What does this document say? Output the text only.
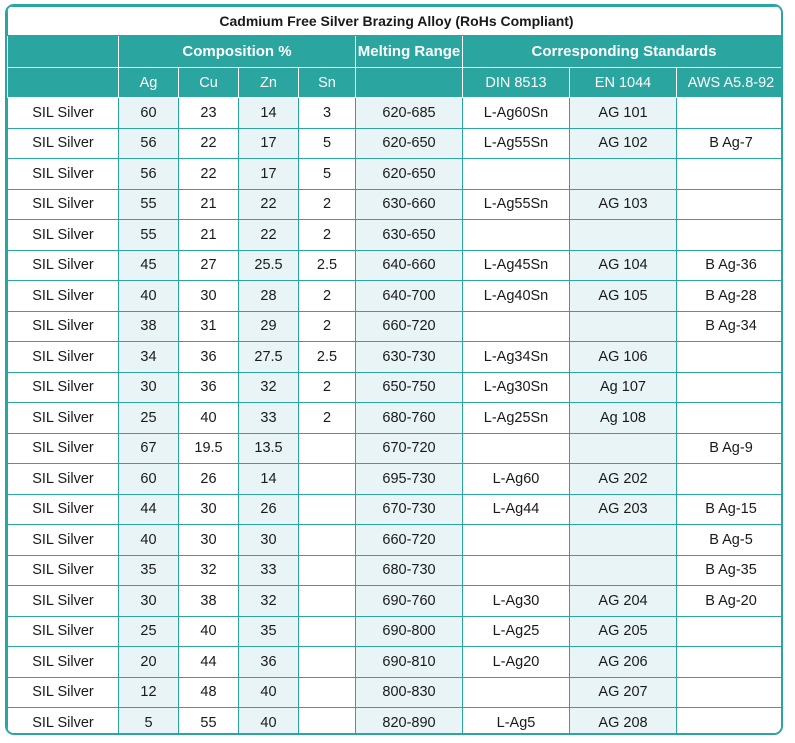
Cadmium Free Silver Brazing Alloy (RoHs Compliant)								
	Composition %				Melting Range	Corresponding Standards		
	Ag	Cu	Zn	Sn		DIN 8513	EN 1044	AWS A5.8-92
SIL Silver	60	23	14	3	620-685	L-Ag60Sn	AG 101	
SIL Silver	56	22	17	5	620-650	L-Ag55Sn	AG 102	B Ag-7
SIL Silver	56	22	17	5	620-650			
SIL Silver	55	21	22	2	630-660	L-Ag55Sn	AG 103	
SIL Silver	55	21	22	2	630-650			
SIL Silver	45	27	25.5	2.5	640-660	L-Ag45Sn	AG 104	B Ag-36
SIL Silver	40	30	28	2	640-700	L-Ag40Sn	AG 105	B Ag-28
SIL Silver	38	31	29	2	660-720			B Ag-34
SIL Silver	34	36	27.5	2.5	630-730	L-Ag34Sn	AG 106	
SIL Silver	30	36	32	2	650-750	L-Ag30Sn	Ag 107	
SIL Silver	25	40	33	2	680-760	L-Ag25Sn	Ag 108	
SIL Silver	67	19.5	13.5		670-720			B Ag-9
SIL Silver	60	26	14		695-730	L-Ag60	AG 202	
SIL Silver	44	30	26		670-730	L-Ag44	AG 203	B Ag-15
SIL Silver	40	30	30		660-720			B Ag-5
SIL Silver	35	32	33		680-730			B Ag-35
SIL Silver	30	38	32		690-760	L-Ag30	AG 204	B Ag-20
SIL Silver	25	40	35		690-800	L-Ag25	AG 205	
SIL Silver	20	44	36		690-810	L-Ag20	AG 206	
SIL Silver	12	48	40		800-830		AG 207	
SIL Silver	5	55	40		820-890	L-Ag5	AG 208	
